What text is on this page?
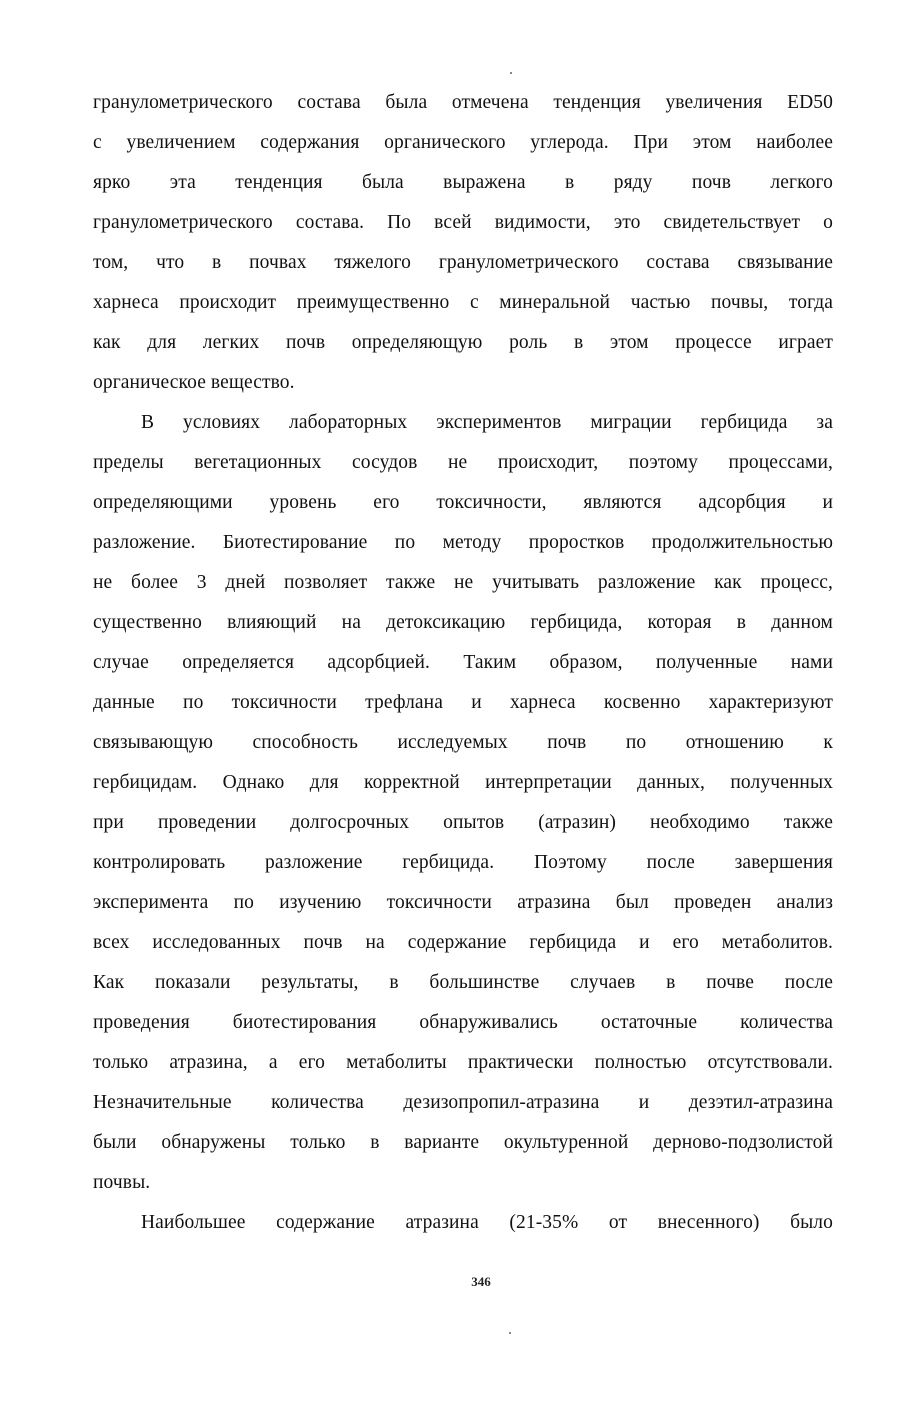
гранулометрического состава была отмечена тенденция увеличения ED50
с увеличением содержания органического углерода. При этом наиболее
ярко эта тенденция была выражена в ряду почв легкого
гранулометрического состава. По всей видимости, это свидетельствует о
том, что в почвах тяжелого гранулометрического состава связывание
харнеса происходит преимущественно с минеральной частью почвы, тогда
как для легких почв определяющую роль в этом процессе играет
органическое вещество.
В условиях лабораторных экспериментов миграции гербицида за
пределы вегетационных сосудов не происходит, поэтому процессами,
определяющими уровень его токсичности, являются адсорбция и
разложение. Биотестирование по методу проростков продолжительностью
не более 3 дней позволяет также не учитывать разложение как процесс,
существенно влияющий на детоксикацию гербицида, которая в данном
случае определяется адсорбцией. Таким образом, полученные нами
данные по токсичности трефлана и харнеса косвенно характеризуют
связывающую способность исследуемых почв по отношению к
гербицидам. Однако для корректной интерпретации данных, полученных
при проведении долгосрочных опытов (атразин) необходимо также
контролировать разложение гербицида. Поэтому после завершения
эксперимента по изучению токсичности атразина был проведен анализ
всех исследованных почв на содержание гербицида и его метаболитов.
Как показали результаты, в большинстве случаев в почве после
проведения биотестирования обнаруживались остаточные количества
только атразина, а его метаболиты практически полностью отсутствовали.
Незначительные количества дезизопропил-атразина и дезэтил-атразина
были обнаружены только в варианте окультуренной дерново-подзолистой
почвы.
Наибольшее содержание атразина (21-35% от внесенного) было
346
